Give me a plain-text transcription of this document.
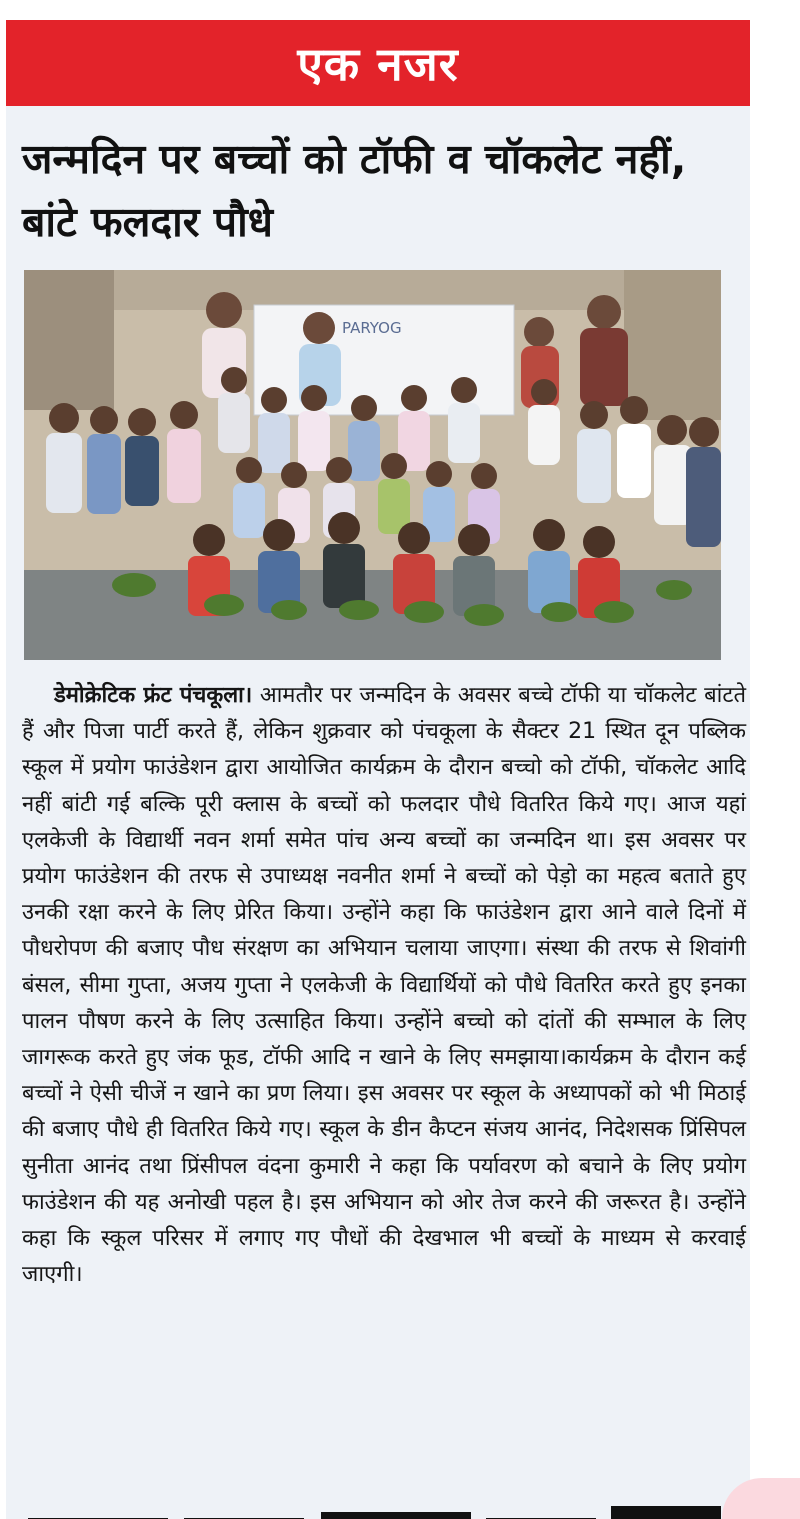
एक नजर
जन्मदिन पर बच्चों को टॉफी व चॉकलेट नहीं, बांटे फलदार पौधे
PARYOG

डेमोक्रेटिक फ्रंट पंचकूला। आमतौर पर जन्मदिन के अवसर बच्चे टॉफी या चॉकलेट बांटते हैं और पिजा पार्टी करते हैं, लेकिन शुक्रवार को पंचकूला के सैक्टर 21 स्थित दून पब्लिक स्कूल में प्रयोग फाउंडेशन द्वारा आयोजित कार्यक्रम के दौरान बच्चो को टॉफी, चॉकलेट आदि नहीं बांटी गई बल्कि पूरी क्लास के बच्चों को फलदार पौधे वितरित किये गए। आज यहां एलकेजी के विद्यार्थी नवन शर्मा समेत पांच अन्य बच्चों का जन्मदिन था। इस अवसर पर प्रयोग फाउंडेशन की तरफ से उपाध्यक्ष नवनीत शर्मा ने बच्चों को पेड़ो का महत्व बताते हुए उनकी रक्षा करने के लिए प्रेरित किया। उन्होंने कहा कि फाउंडेशन द्वारा आने वाले दिनों में पौधरोपण की बजाए पौध संरक्षण का अभियान चलाया जाएगा। संस्था की तरफ से शिवांगी बंसल, सीमा गुप्ता, अजय गुप्ता ने एलकेजी के विद्यार्थियों को पौधे वितरित करते हुए इनका पालन पौषण करने के लिए उत्साहित किया। उन्होंने बच्चो को दांतों की सम्भाल के लिए जागरूक करते हुए जंक फूड, टॉफी आदि न खाने के लिए समझाया।कार्यक्रम के दौरान कई बच्चों ने ऐसी चीजें न खाने का प्रण लिया। इस अवसर पर स्कूल के अध्यापकों को भी मिठाई की बजाए पौधे ही वितरित किये गए। स्कूल के डीन कैप्टन संजय आनंद, निदेशसक प्रिंसिपल सुनीता आनंद तथा प्रिंसीपल वंदना कुमारी ने कहा कि पर्यावरण को बचाने के लिए प्रयोग फाउंडेशन की यह अनोखी पहल है। इस अभियान को ओर तेज करने की जरूरत है। उन्होंने कहा कि स्कूल परिसर में लगाए गए पौधों की देखभाल भी बच्चों के माध्यम से करवाई जाएगी।
